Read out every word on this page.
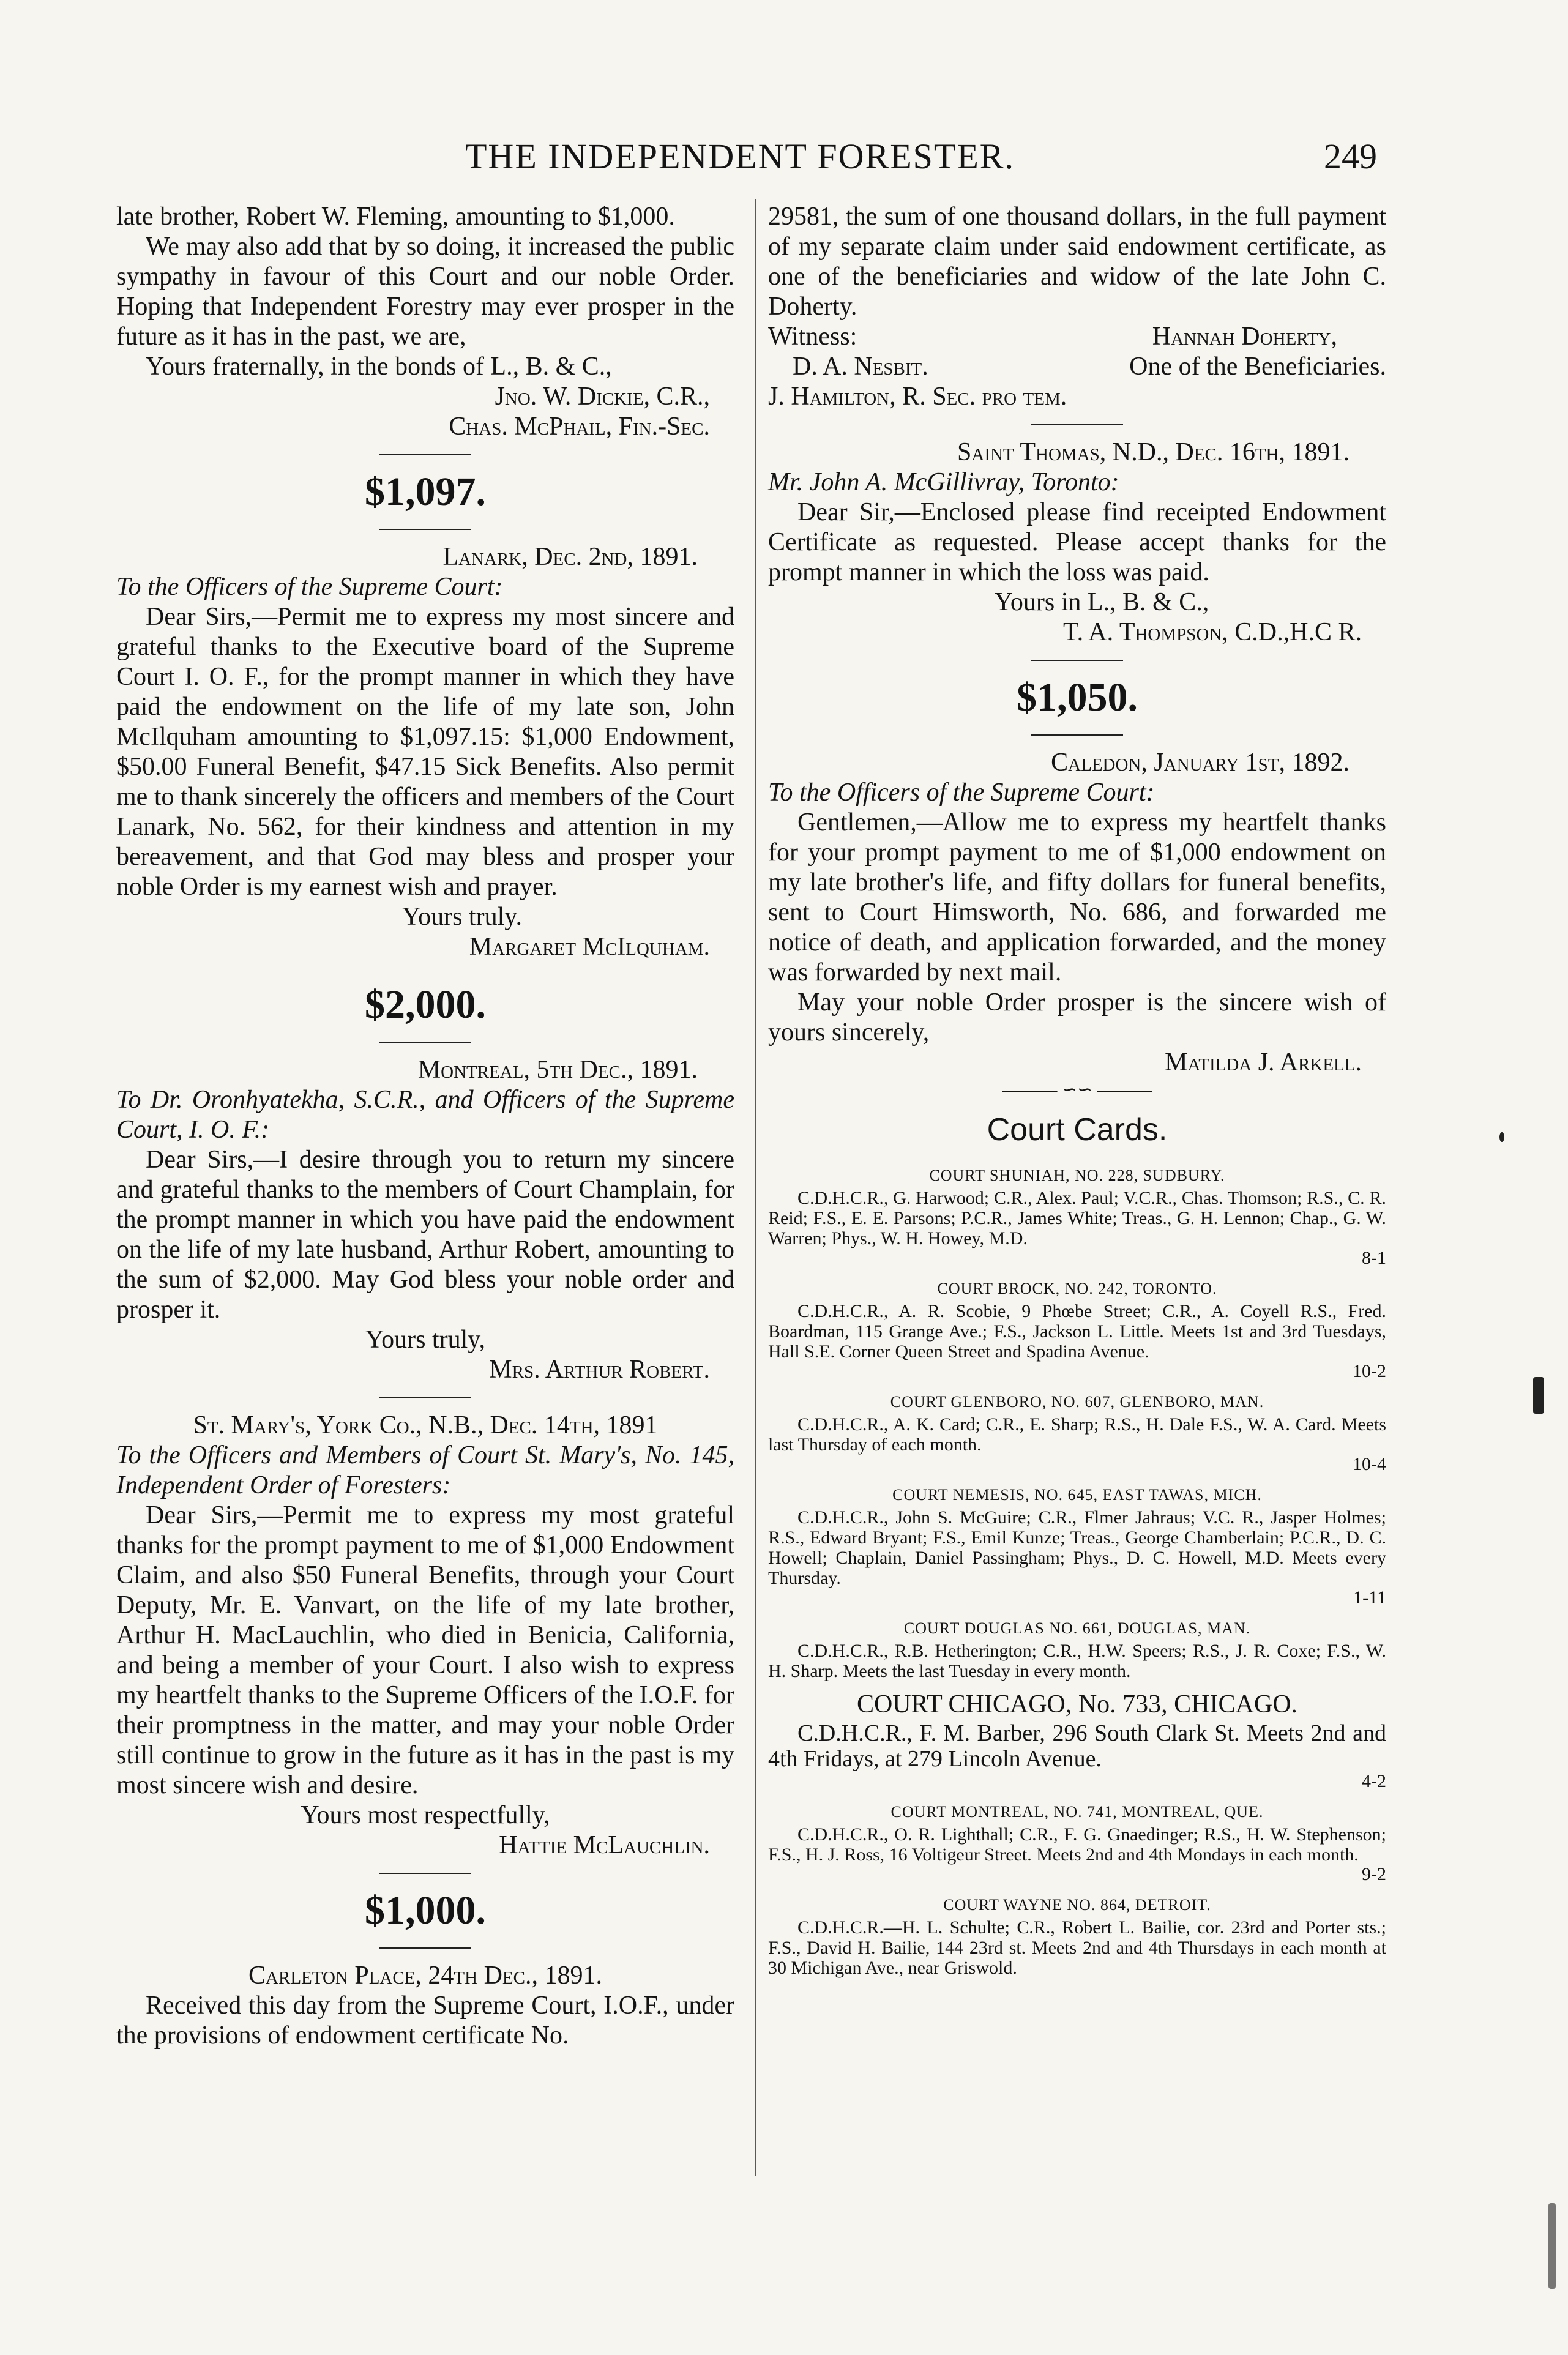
THE INDEPENDENT FORESTER.	249

late brother, Robert W. Fleming, amounting to $1,000.

We may also add that by so doing, it increased the public sympathy in favour of this Court and our noble Order. Hoping that Independent Forestry may ever prosper in the future as it has in the past, we are,

Yours fraternally, in the bonds of L., B. & C.,

Jno. W. Dickie, C.R.,

Chas. McPhail, Fin.-Sec.

$1,097.

Lanark, Dec. 2nd, 1891.

To the Officers of the Supreme Court:

Dear Sirs,—Permit me to express my most sincere and grateful thanks to the Executive board of the Supreme Court I. O. F., for the prompt manner in which they have paid the endowment on the life of my late son, John McIlquham amounting to $1,097.15: $1,000 Endowment, $50.00 Funeral Benefit, $47.15 Sick Benefits. Also permit me to thank sincerely the officers and members of the Court Lanark, No. 562, for their kindness and attention in my bereavement, and that God may bless and prosper your noble Order is my earnest wish and prayer.

Yours truly.

Margaret McIlquham.

$2,000.

Montreal, 5th Dec., 1891.

To Dr. Oronhyatekha, S.C.R., and Officers of the Supreme Court, I. O. F.:

Dear Sirs,—I desire through you to return my sincere and grateful thanks to the members of Court Champlain, for the prompt manner in which you have paid the endowment on the life of my late husband, Arthur Robert, amounting to the sum of $2,000. May God bless your noble order and prosper it.

Yours truly,

Mrs. Arthur Robert.

St. Mary's, York Co., N.B., Dec. 14th, 1891

To the Officers and Members of Court St. Mary's, No. 145, Independent Order of Foresters:

Dear Sirs,—Permit me to express my most grateful thanks for the prompt payment to me of $1,000 Endowment Claim, and also $50 Funeral Benefits, through your Court Deputy, Mr. E. Vanvart, on the life of my late brother, Arthur H. MacLauchlin, who died in Benicia, California, and being a member of your Court. I also wish to express my heartfelt thanks to the Supreme Officers of the I.O.F. for their promptness in the matter, and may your noble Order still continue to grow in the future as it has in the past is my most sincere wish and desire.

Yours most respectfully,

Hattie McLauchlin.

$1,000.

Carleton Place, 24th Dec., 1891.

Received this day from the Supreme Court, I.O.F., under the provisions of endowment certificate No.

29581, the sum of one thousand dollars, in the full payment of my separate claim under said endowment certificate, as one of the beneficiaries and widow of the late John C. Doherty.

Witness:	Hannah Doherty,
D. A. Nesbit.	One of the Beneficiaries.

J. Hamilton, R. Sec. pro tem.

Saint Thomas, N.D., Dec. 16th, 1891.

Mr. John A. McGillivray, Toronto:

Dear Sir,—Enclosed please find receipted Endowment Certificate as requested. Please accept thanks for the prompt manner in which the loss was paid.

Yours in L., B. & C.,

T. A. Thompson, C.D.,H.C R.

$1,050.

Caledon, January 1st, 1892.

To the Officers of the Supreme Court:

Gentlemen,—Allow me to express my heartfelt thanks for your prompt payment to me of $1,000 endowment on my late brother's life, and fifty dollars for funeral benefits, sent to Court Himsworth, No. 686, and forwarded me notice of death, and application forwarded, and the money was forwarded by next mail.

May your noble Order prosper is the sincere wish of yours sincerely,

Matilda J. Arkell.

——— ∽∽ ———
Court Cards.
COURT SHUNIAH, NO. 228, SUDBURY.

C.D.H.C.R., G. Harwood; C.R., Alex. Paul; V.C.R., Chas. Thomson; R.S., C. R. Reid; F.S., E. E. Parsons; P.C.R., James White; Treas., G. H. Lennon; Chap., G. W. Warren; Phys., W. H. Howey, M.D.

8-1

COURT BROCK, NO. 242, TORONTO.

C.D.H.C.R., A. R. Scobie, 9 Phœbe Street; C.R., A. Coyell R.S., Fred. Boardman, 115 Grange Ave.; F.S., Jackson L. Little. Meets 1st and 3rd Tuesdays, Hall S.E. Corner Queen Street and Spadina Avenue.

10-2

COURT GLENBORO, NO. 607, GLENBORO, MAN.

C.D.H.C.R., A. K. Card; C.R., E. Sharp; R.S., H. Dale F.S., W. A. Card. Meets last Thursday of each month.

10-4

COURT NEMESIS, NO. 645, EAST TAWAS, MICH.

C.D.H.C.R., John S. McGuire; C.R., Flmer Jahraus; V.C. R., Jasper Holmes; R.S., Edward Bryant; F.S., Emil Kunze; Treas., George Chamberlain; P.C.R., D. C. Howell; Chaplain, Daniel Passingham; Phys., D. C. Howell, M.D. Meets every Thursday.

1-11

COURT DOUGLAS NO. 661, DOUGLAS, MAN.

C.D.H.C.R., R.B. Hetherington; C.R., H.W. Speers; R.S., J. R. Coxe; F.S., W. H. Sharp. Meets the last Tuesday in every month.

COURT CHICAGO, No. 733, CHICAGO.

C.D.H.C.R., F. M. Barber, 296 South Clark St. Meets 2nd and 4th Fridays, at 279 Lincoln Avenue.

4-2

COURT MONTREAL, NO. 741, MONTREAL, QUE.

C.D.H.C.R., O. R. Lighthall; C.R., F. G. Gnaedinger; R.S., H. W. Stephenson; F.S., H. J. Ross, 16 Voltigeur Street. Meets 2nd and 4th Mondays in each month.

9-2

COURT WAYNE NO. 864, DETROIT.

C.D.H.C.R.—H. L. Schulte; C.R., Robert L. Bailie, cor. 23rd and Porter sts.; F.S., David H. Bailie, 144 23rd st. Meets 2nd and 4th Thursdays in each month at 30 Michigan Ave., near Griswold.
